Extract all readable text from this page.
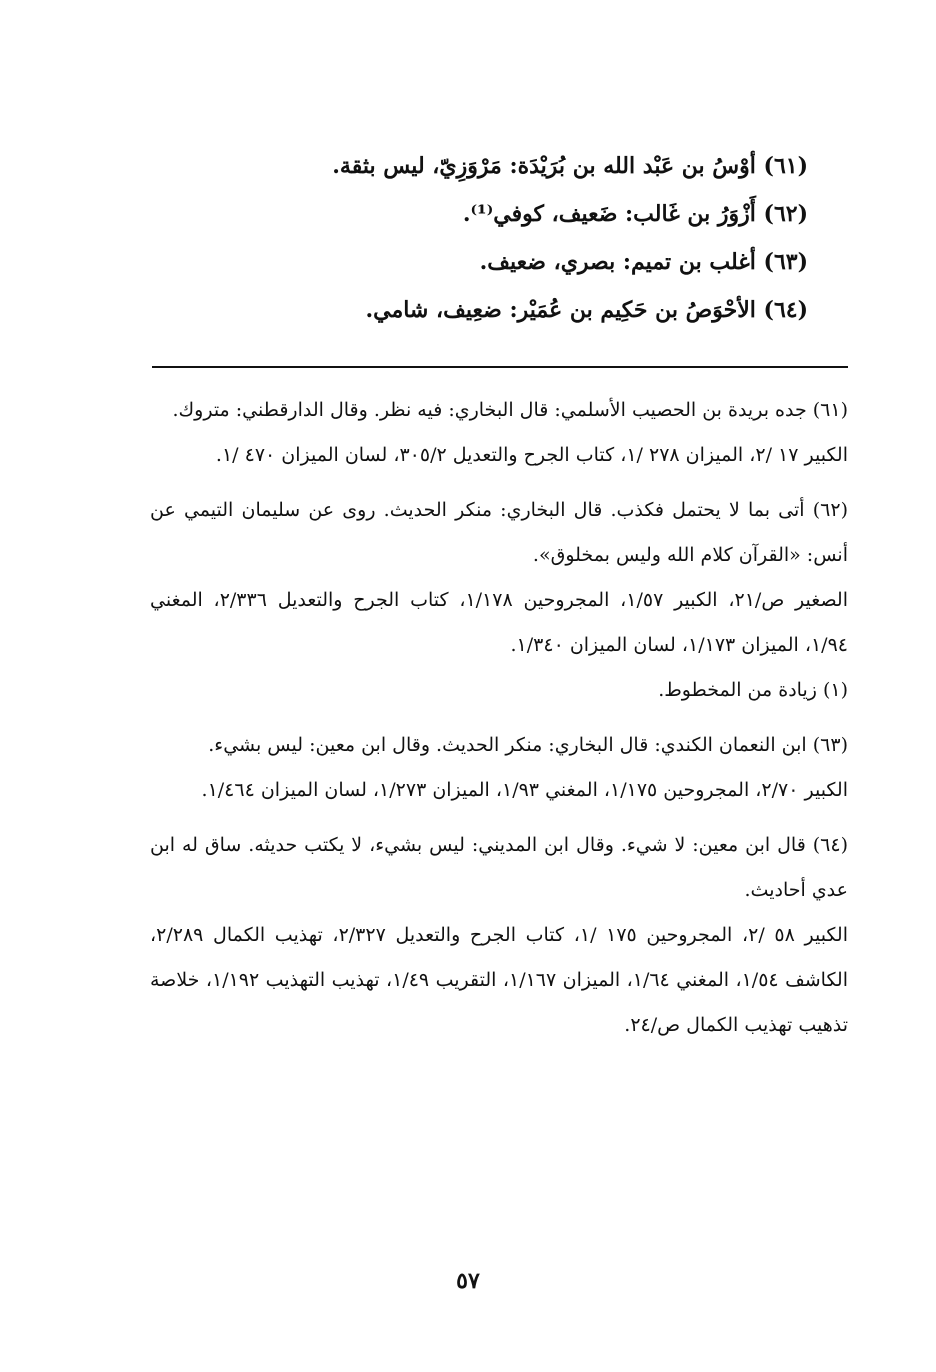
(٦١) أوْسُ بن عَبْد الله بن بُرَيْدَة: مَرْوَزِيّ، ليس بثقة.
(٦٢) أَزْوَرُ بن غَالب: ضَعيف، كوفي⁽¹⁾.
(٦٣) أغلب بن تميم: بصري، ضعيف.
(٦٤) الأحْوَصُ بن حَكِيم بن عُمَيْر: ضعِيف، شامي.

(٦١) جده بريدة بن الحصيب الأسلمي: قال البخاري: فيه نظر. وقال الدارقطني: متروك.

الكبير ١٧ /٢، الميزان ٢٧٨ /١، كتاب الجرح والتعديل ٣٠٥/٢، لسان الميزان ٤٧٠ /١.

(٦٢) أتى بما لا يحتمل فكذب. قال البخاري: منكر الحديث. روى عن سليمان التيمي عن أنس: «القرآن كلام الله وليس بمخلوق».

الصغير ص/٢١، الكبير ١/٥٧، المجروحين ١/١٧٨، كتاب الجرح والتعديل ٢/٣٣٦، المغني ١/٩٤، الميزان ١/١٧٣، لسان الميزان ١/٣٤٠.

(١) زيادة من المخطوط.

(٦٣) ابن النعمان الكندي: قال البخاري: منكر الحديث. وقال ابن معين: ليس بشيء.

الكبير ٢/٧٠، المجروحين ١/١٧٥، المغني ١/٩٣، الميزان ١/٢٧٣، لسان الميزان ١/٤٦٤.

(٦٤) قال ابن معين: لا شيء. وقال ابن المديني: ليس بشيء، لا يكتب حديثه. ساق له ابن عدي أحاديث.

الكبير ٥٨ /٢، المجروحين ١٧٥ /١، كتاب الجرح والتعديل ٢/٣٢٧، تهذيب الكمال ٢/٢٨٩، الكاشف ١/٥٤، المغني ١/٦٤، الميزان ١/١٦٧، التقريب ١/٤٩، تهذيب التهذيب ١/١٩٢، خلاصة تذهيب تهذيب الكمال ص/٢٤.

٥٧
